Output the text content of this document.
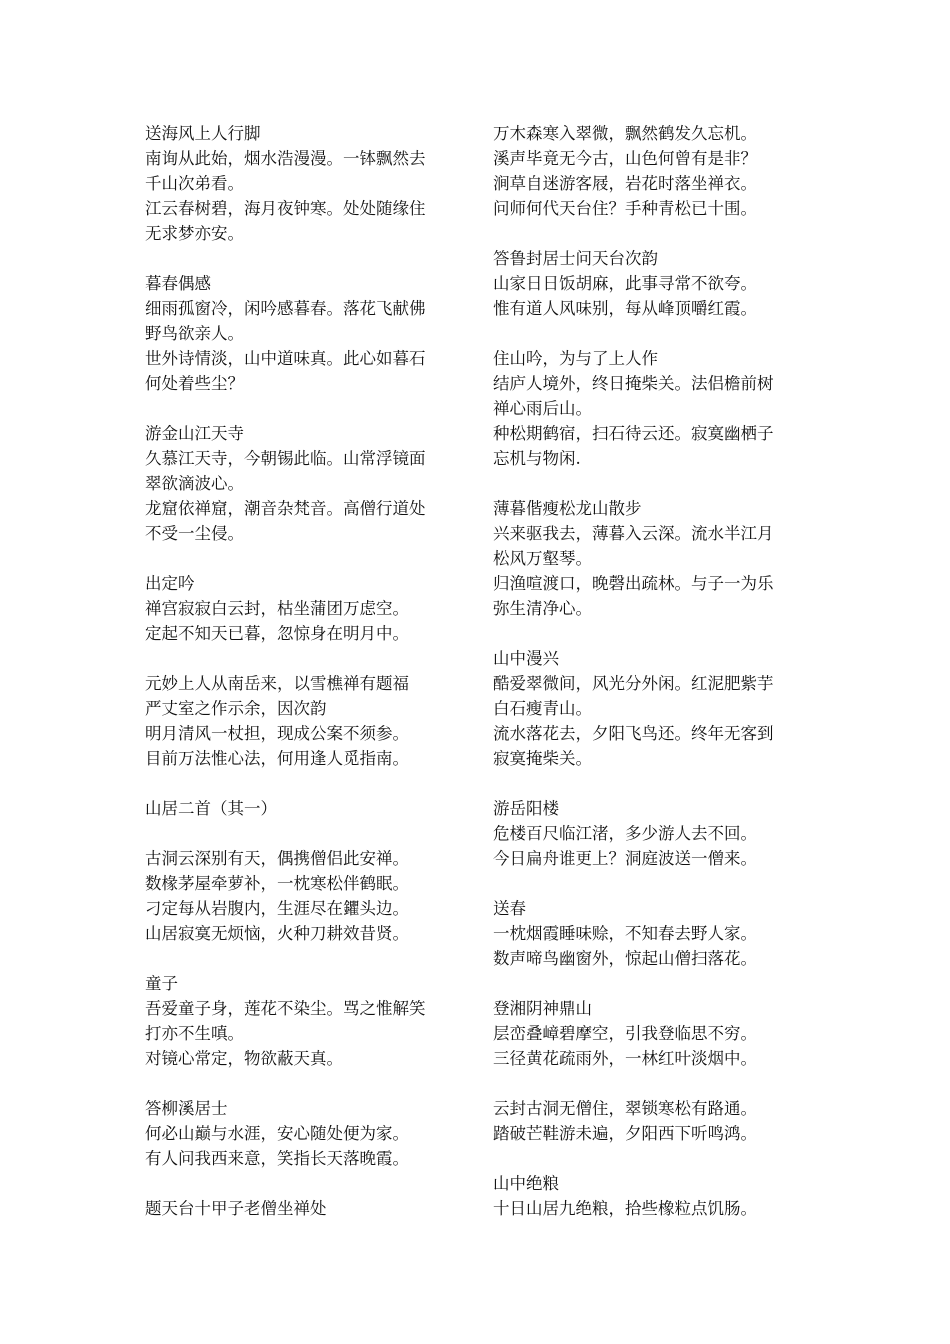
送海风上人行脚
南询从此始，烟水浩漫漫。一钵飘然去
千山次弟看。
江云春树碧，海月夜钟寒。处处随缘住
无求梦亦安。
暮春偶感
细雨孤窗冷，闲吟感暮春。落花飞献佛
野鸟欲亲人。
世外诗情淡，山中道味真。此心如暮石
何处着些尘？
游金山江天寺
久慕江天寺，今朝锡此临。山常浮镜面
翠欲滴波心。
龙窟依禅窟，潮音杂梵音。高僧行道处
不受一尘侵。
出定吟
禅宫寂寂白云封，枯坐蒲团万虑空。
定起不知天已暮，忽惊身在明月中。
元妙上人从南岳来，以雪樵禅有题福
严丈室之作示余，因次韵
明月清风一杖担，现成公案不须参。
目前万法惟心法，何用逢人觅指南。
山居二首（其一）
古洞云深别有天，偶携僧侣此安禅。
数椽茅屋牵萝补，一枕寒松伴鹤眠。
刁定每从岩腹内，生涯尽在鑺头边。
山居寂寞无烦恼，火种刀耕效昔贤。
童子
吾爱童子身，莲花不染尘。骂之惟解笑
打亦不生嗔。
对镜心常定，物欲蔽天真。
答柳溪居士
何必山巅与水涯，安心随处便为家。
有人问我西来意，笑指长天落晚霞。
题天台十甲子老僧坐禅处
万木森寒入翠微，飘然鹤发久忘机。
溪声毕竟无今古，山色何曾有是非？
涧草自迷游客屐，岩花时落坐禅衣。
问师何代天台住？手种青松已十围。
答鲁封居士问天台次韵
山家日日饭胡麻，此事寻常不欲夸。
惟有道人风味别，每从峰顶嚼红霞。
住山吟，为与了上人作
结庐人境外，终日掩柴关。法侣檐前树
禅心雨后山。
种松期鹤宿，扫石待云还。寂寞幽栖子
忘机与物闲.
薄暮偕瘦松龙山散步
兴来驱我去，薄暮入云深。流水半江月
松风万壑琴。
归渔喧渡口，晚磬出疏林。与子一为乐
弥生清净心。
山中漫兴
酷爱翠微间，风光分外闲。红泥肥紫芋
白石瘦青山。
流水落花去，夕阳飞鸟还。终年无客到
寂寞掩柴关。
游岳阳楼
危楼百尺临江渚，多少游人去不回。
今日扁舟谁更上？洞庭波送一僧来。
送春
一枕烟霞睡味赊，不知春去野人家。
数声啼鸟幽窗外，惊起山僧扫落花。
登湘阴神鼎山
层峦叠嶂碧摩空，引我登临思不穷。
三径黄花疏雨外，一林红叶淡烟中。
云封古洞无僧住，翠锁寒松有路通。
踏破芒鞋游未遍，夕阳西下听鸣鸿。
山中绝粮
十日山居九绝粮，拾些橡粒点饥肠。
